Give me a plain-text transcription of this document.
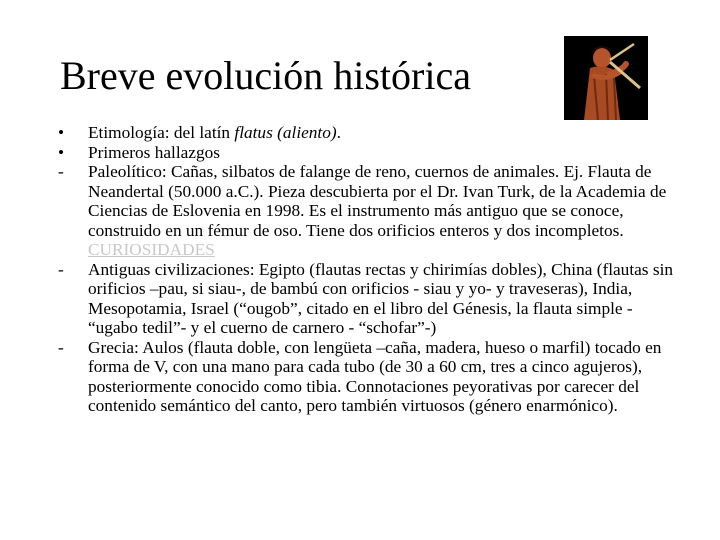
Breve evolución histórica
•	Etimología: del latín flatus (aliento).
•	Primeros hallazgos
-	Paleolítico: Cañas, silbatos de falange de reno, cuernos de animales. Ej. Flauta de Neandertal (50.000 a.C.). Pieza descubierta por el Dr. Ivan Turk, de la Academia de Ciencias de Eslovenia en 1998. Es el instrumento más antiguo que se conoce, construido en un fémur de oso. Tiene dos orificios enteros y dos incompletos. CURIOSIDADES
-	Antiguas civilizaciones: Egipto (flautas rectas y chirimías dobles), China (flautas sin orificios –pau, si siau-, de bambú con orificios - siau y yo- y traveseras), India, Mesopotamia, Israel (“ougob”, citado en el libro del Génesis, la flauta simple - “ugabo tedil”- y el cuerno de carnero - “schofar”-)
-	Grecia: Aulos (flauta doble, con lengüeta –caña, madera, hueso o marfil) tocado en forma de V, con una mano para cada tubo (de 30 a 60 cm, tres a cinco agujeros), posteriormente conocido como tibia. Connotaciones peyorativas por carecer del contenido semántico del canto, pero también virtuosos (género enarmónico).
